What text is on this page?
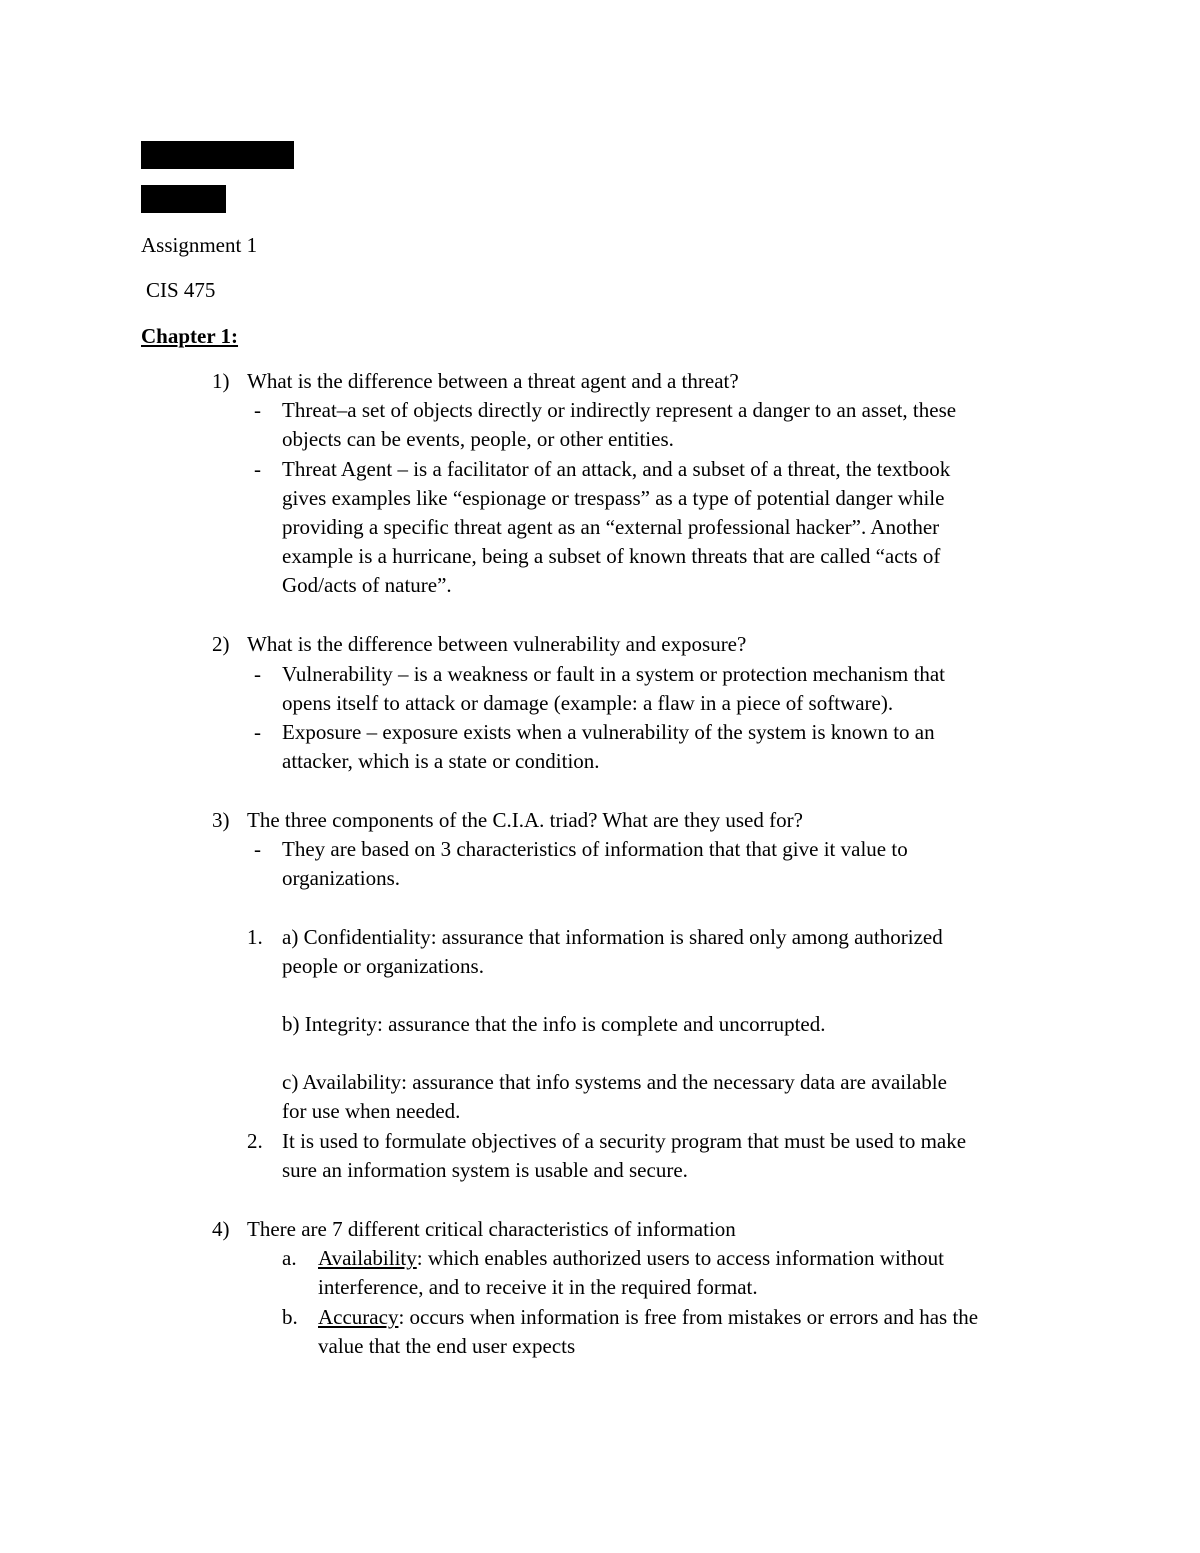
Assignment 1
CIS 475
Chapter 1:
1) What is the difference between a threat agent and a threat?
- Threat–a set of objects directly or indirectly represent a danger to an asset, these
objects can be events, people, or other entities.
- Threat Agent – is a facilitator of an attack, and a subset of a threat, the textbook
gives examples like “espionage or trespass” as a type of potential danger while
providing a specific threat agent as an “external professional hacker”. Another
example is a hurricane, being a subset of known threats that are called “acts of
God/acts of nature”.
2) What is the difference between vulnerability and exposure?
- Vulnerability – is a weakness or fault in a system or protection mechanism that
opens itself to attack or damage (example: a flaw in a piece of software).
- Exposure – exposure exists when a vulnerability of the system is known to an
attacker, which is a state or condition.
3) The three components of the C.I.A. triad? What are they used for?
- They are based on 3 characteristics of information that that give it value to
organizations.
1. a) Confidentiality: assurance that information is shared only among authorized
people or organizations.
b) Integrity: assurance that the info is complete and uncorrupted.
c) Availability: assurance that info systems and the necessary data are available
for use when needed.
2. It is used to formulate objectives of a security program that must be used to make
sure an information system is usable and secure.
4) There are 7 different critical characteristics of information
a. Availability: which enables authorized users to access information without
interference, and to receive it in the required format.
b. Accuracy: occurs when information is free from mistakes or errors and has the
value that the end user expects
